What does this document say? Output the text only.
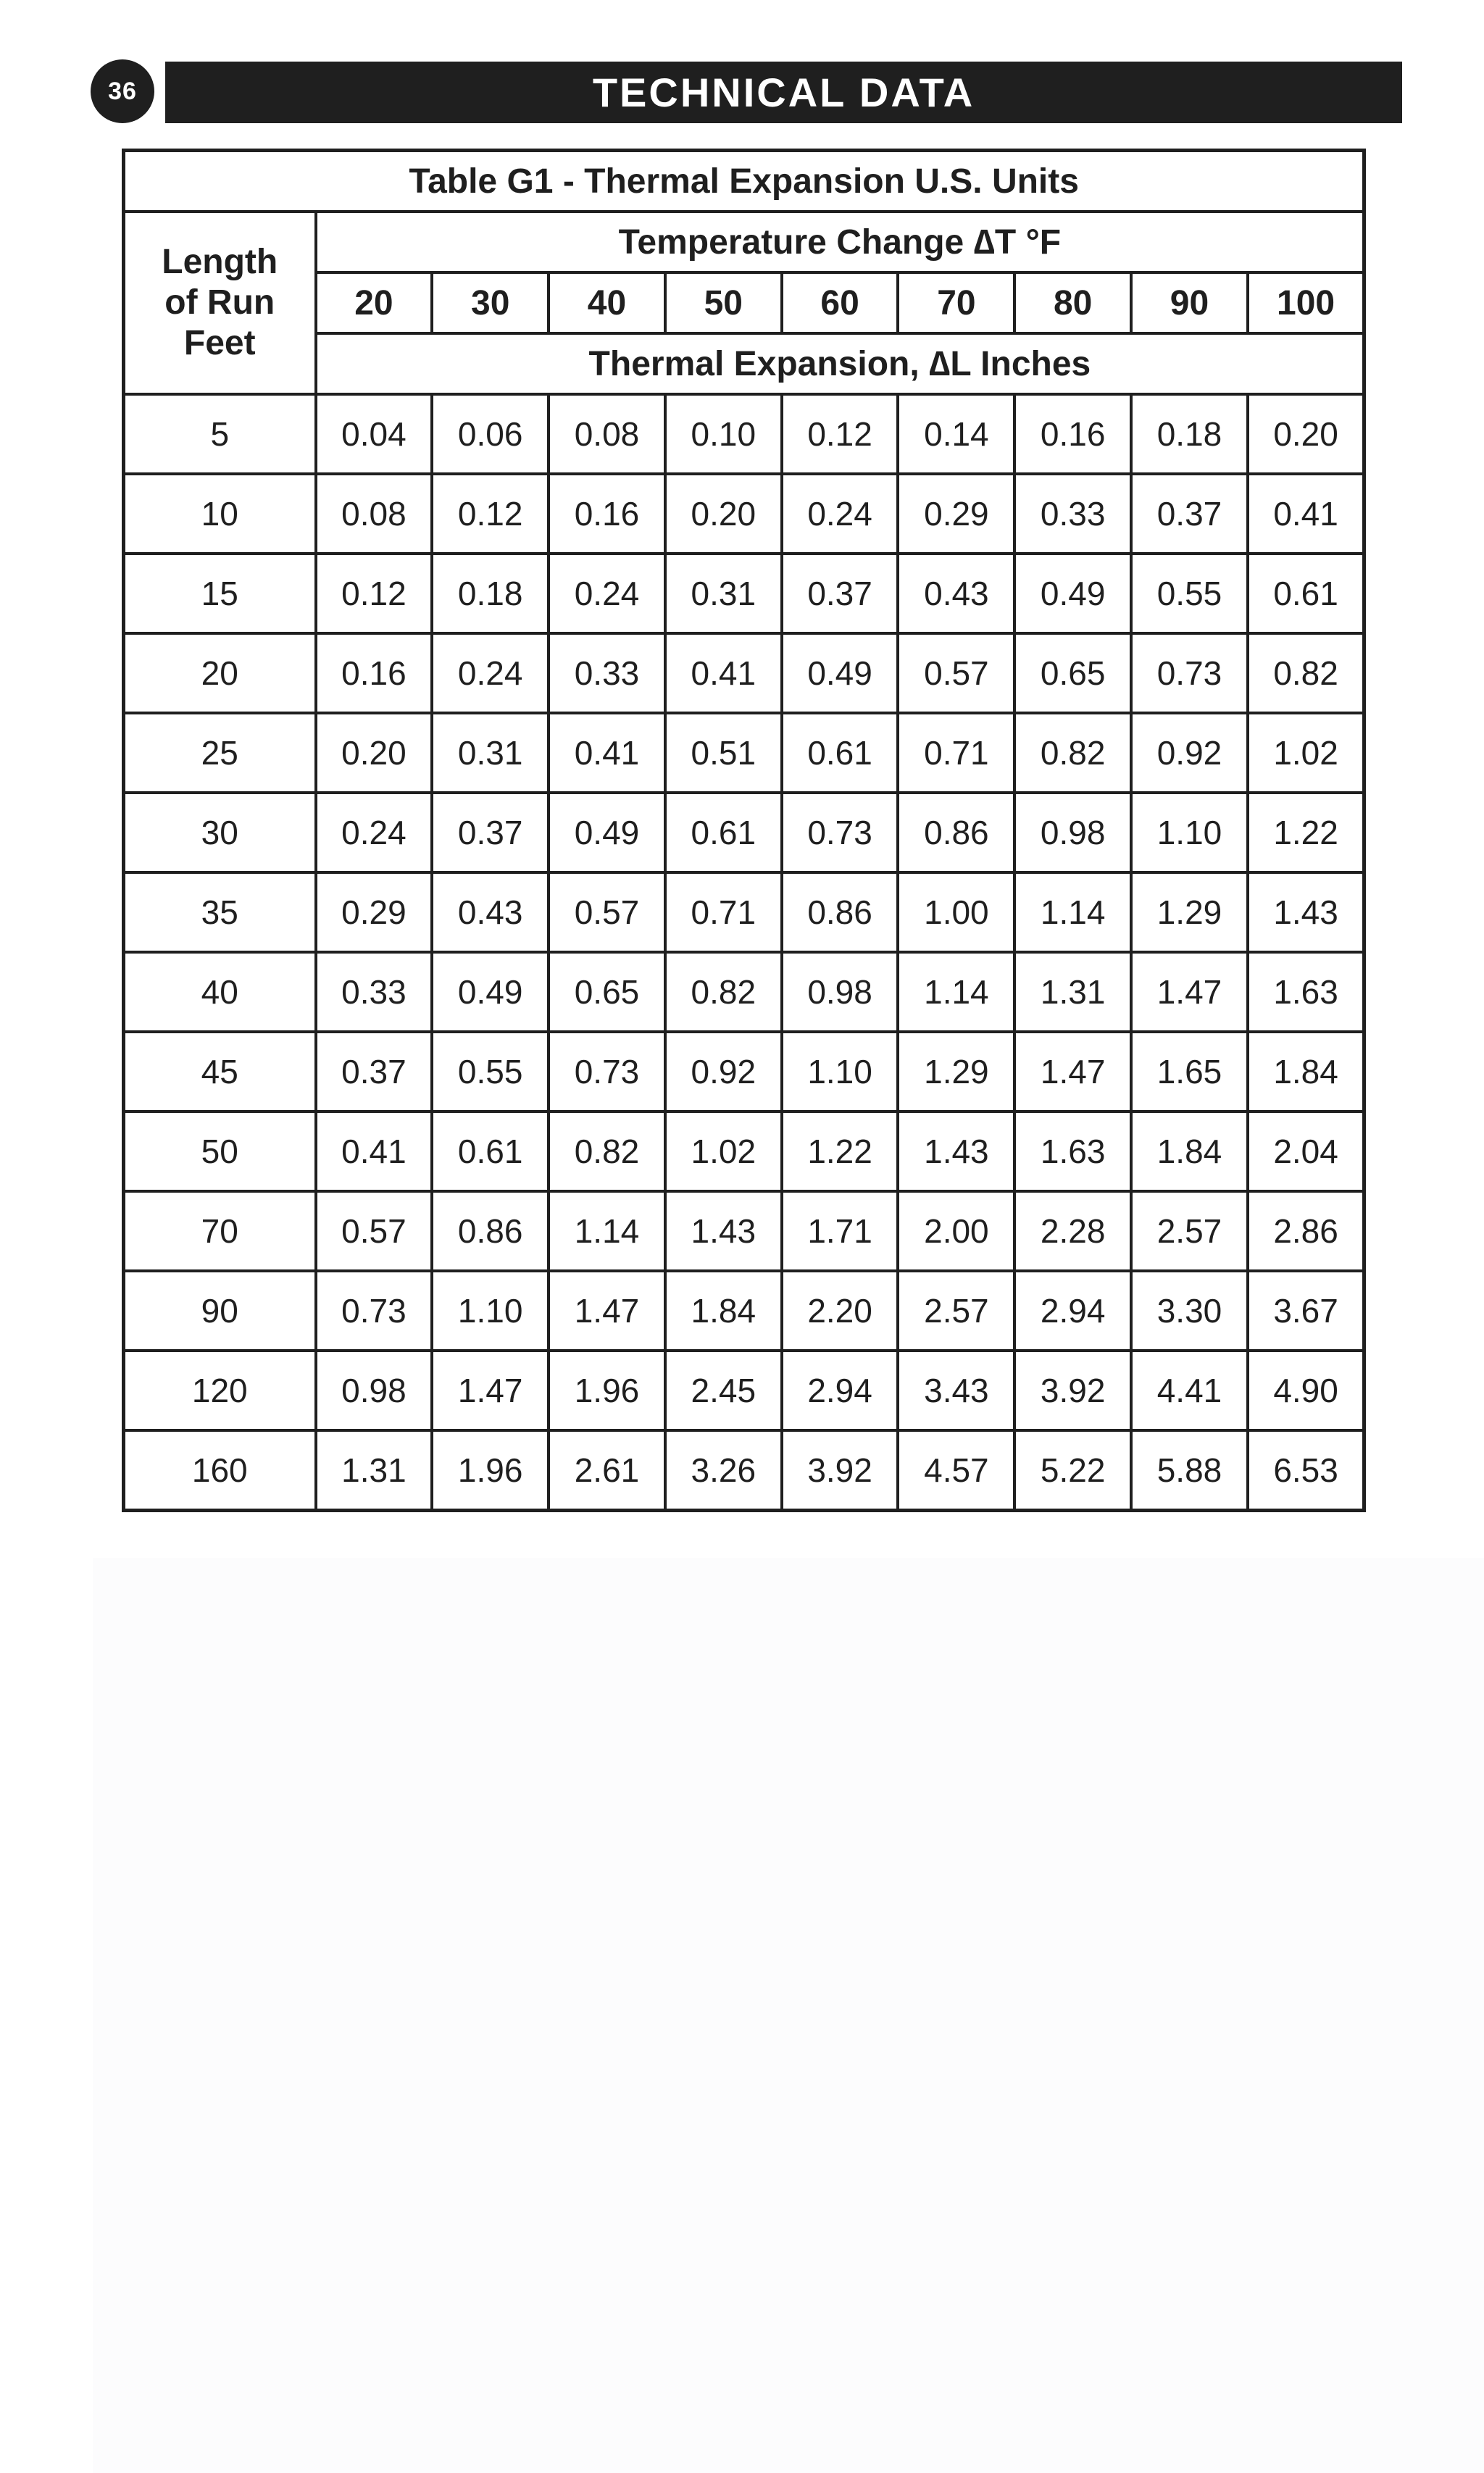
36	TECHNICAL DATA
Table G1 - Thermal Expansion U.S. Units									
Length of Run Feet	Temperature Change ∆T °F								
	20	30	40	50	60	70	80	90	100
	Thermal Expansion, ∆L Inches								
5	0.04	0.06	0.08	0.10	0.12	0.14	0.16	0.18	0.20
10	0.08	0.12	0.16	0.20	0.24	0.29	0.33	0.37	0.41
15	0.12	0.18	0.24	0.31	0.37	0.43	0.49	0.55	0.61
20	0.16	0.24	0.33	0.41	0.49	0.57	0.65	0.73	0.82
25	0.20	0.31	0.41	0.51	0.61	0.71	0.82	0.92	1.02
30	0.24	0.37	0.49	0.61	0.73	0.86	0.98	1.10	1.22
35	0.29	0.43	0.57	0.71	0.86	1.00	1.14	1.29	1.43
40	0.33	0.49	0.65	0.82	0.98	1.14	1.31	1.47	1.63
45	0.37	0.55	0.73	0.92	1.10	1.29	1.47	1.65	1.84
50	0.41	0.61	0.82	1.02	1.22	1.43	1.63	1.84	2.04
70	0.57	0.86	1.14	1.43	1.71	2.00	2.28	2.57	2.86
90	0.73	1.10	1.47	1.84	2.20	2.57	2.94	3.30	3.67
120	0.98	1.47	1.96	2.45	2.94	3.43	3.92	4.41	4.90
160	1.31	1.96	2.61	3.26	3.92	4.57	5.22	5.88	6.53
